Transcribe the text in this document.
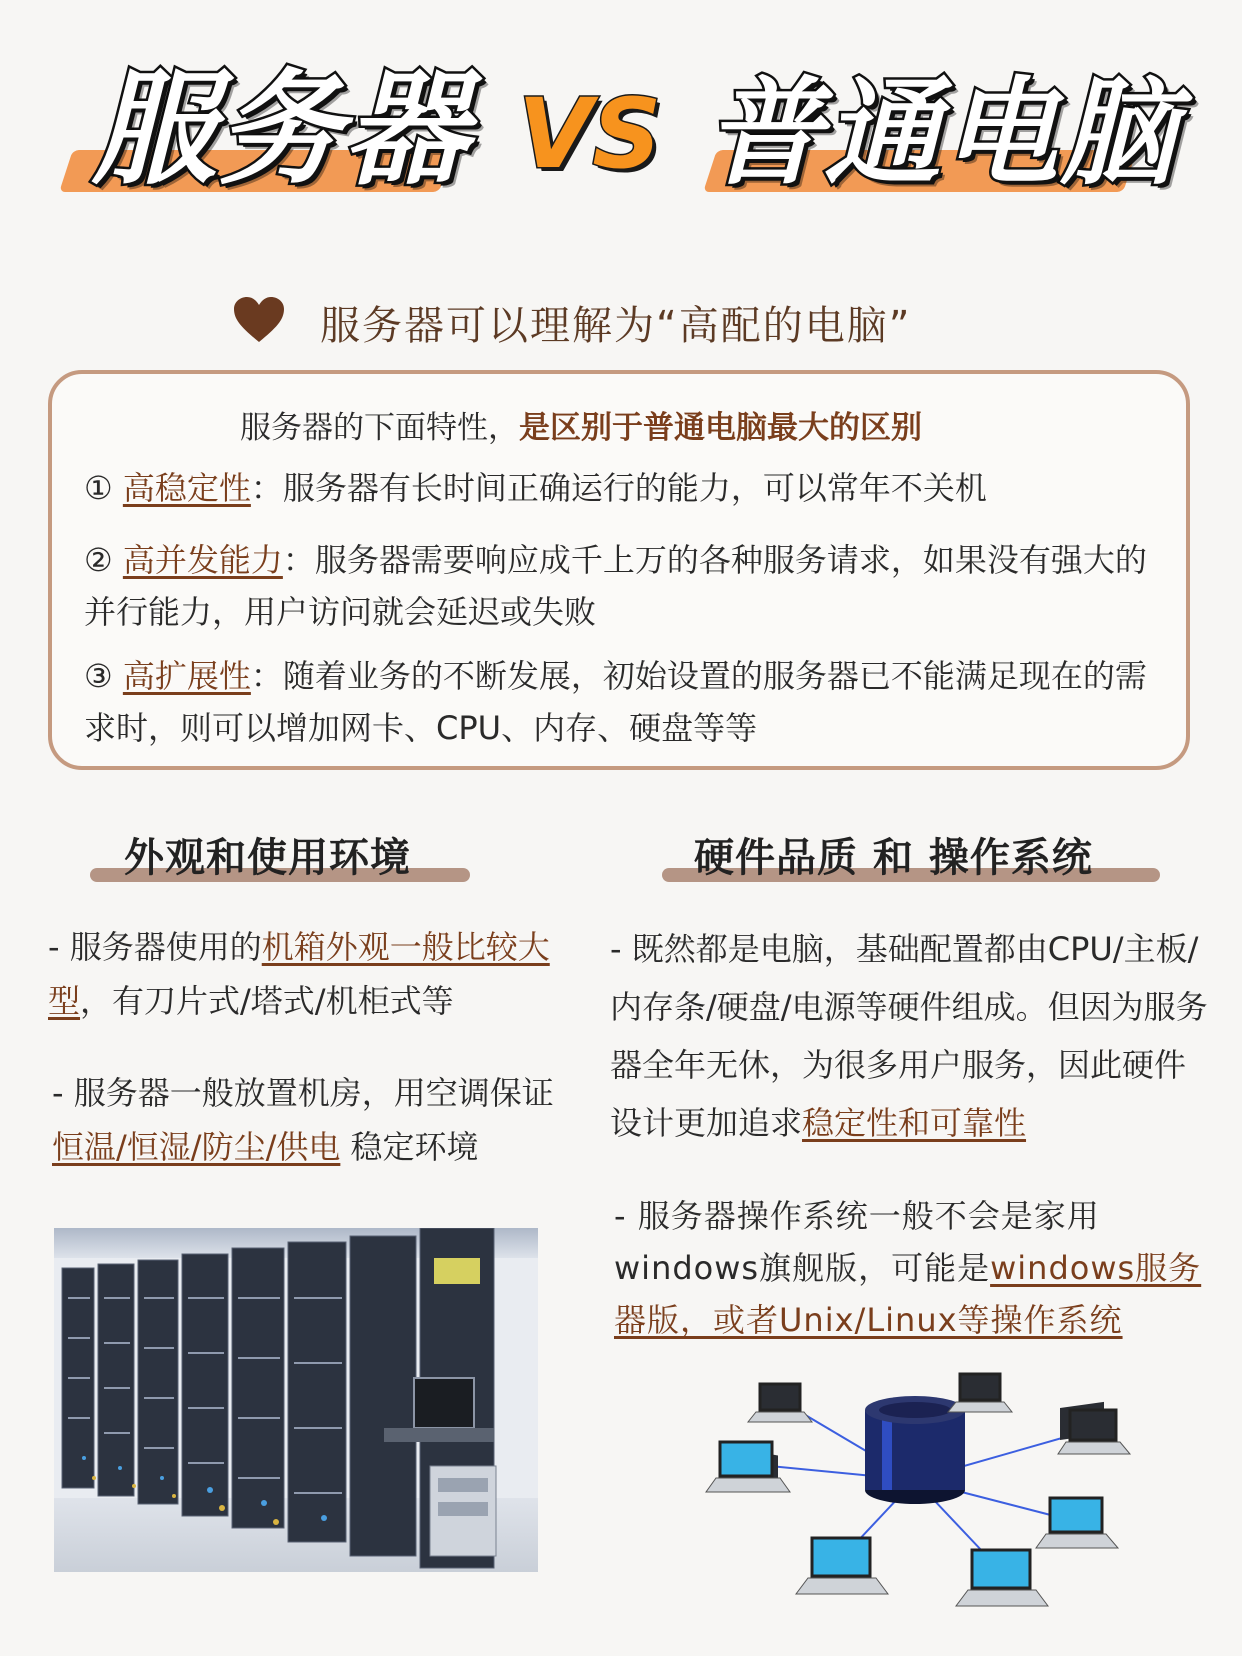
服务器 VS 普通电脑
服务器可以理解为“高配的电脑”
服务器的下面特性，是区别于普通电脑最大的区别
① 高稳定性：服务器有长时间正确运行的能力，可以常年不关机
② 高并发能力：服务器需要响应成千上万的各种服务请求，如果没有强大的并行能力，用户访问就会延迟或失败
③ 高扩展性：随着业务的不断发展，初始设置的服务器已不能满足现在的需求时，则可以增加网卡、CPU、内存、硬盘等等
外观和使用环境
- 服务器使用的机箱外观一般比较大型，有刀片式/塔式/机柜式等
- 服务器一般放置机房，用空调保证恒温/恒湿/防尘/供电 稳定环境
硬件品质 和 操作系统
- 既然都是电脑，基础配置都由CPU/主板/内存条/硬盘/电源等硬件组成。但因为服务器全年无休，为很多用户服务，因此硬件设计更加追求稳定性和可靠性
- 服务器操作系统一般不会是家用windows旗舰版，可能是windows服务器版，或者Unix/Linux等操作系统
